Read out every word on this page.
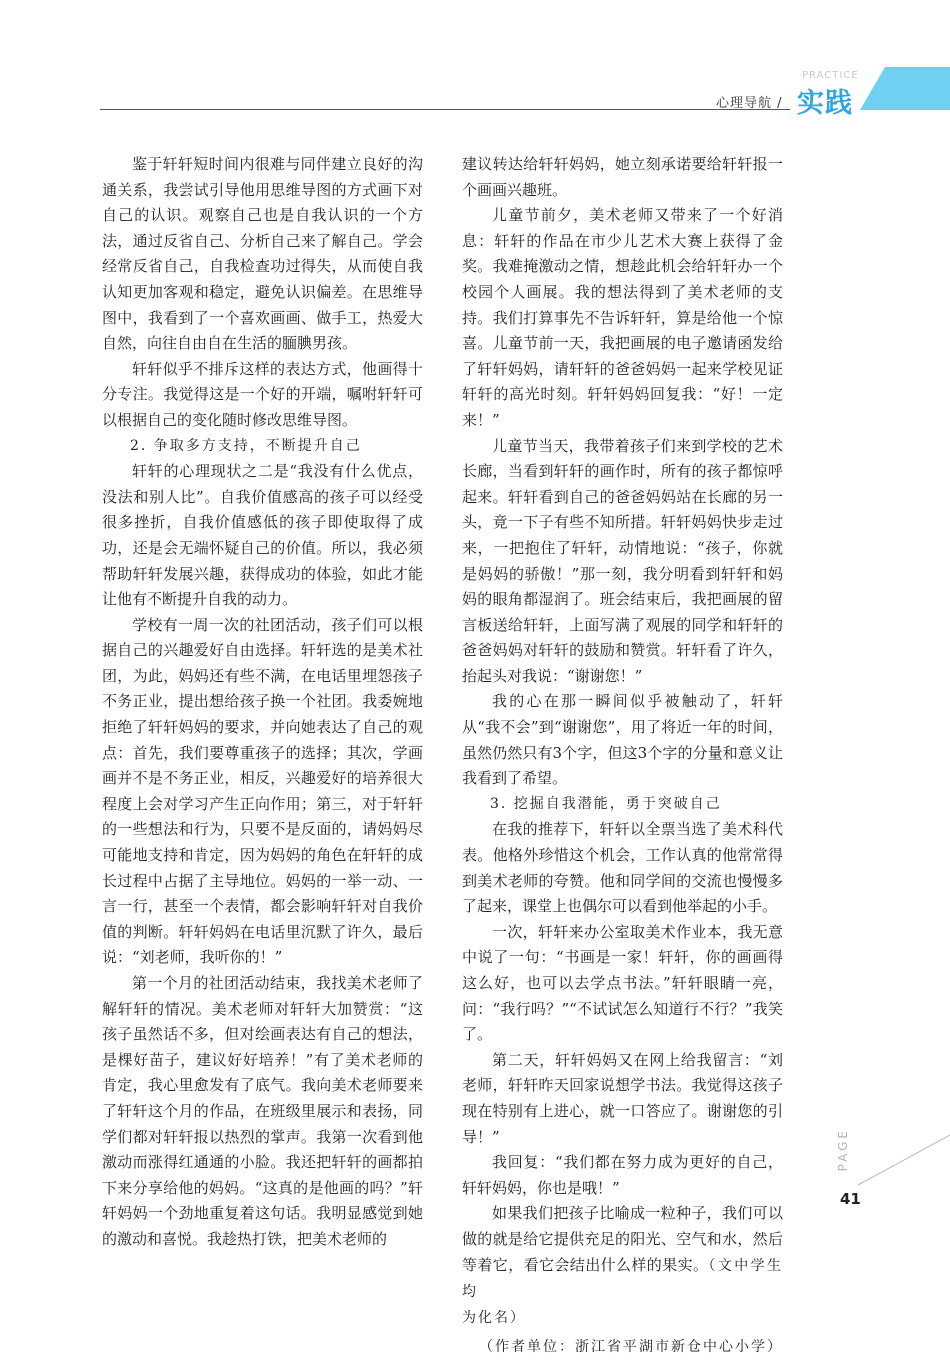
心理导航 /
PRACTICE
实践

鉴于轩轩短时间内很难与同伴建立良好的沟通关系，我尝试引导他用思维导图的方式画下对自己的认识。观察自己也是自我认识的一个方法，通过反省自己、分析自己来了解自己。学会经常反省自己，自我检查功过得失，从而使自我认知更加客观和稳定，避免认识偏差。在思维导图中，我看到了一个喜欢画画、做手工，热爱大自然，向往自由自在生活的腼腆男孩。

轩轩似乎不排斥这样的表达方式，他画得十分专注。我觉得这是一个好的开端，嘱咐轩轩可以根据自己的变化随时修改思维导图。

2. 争取多方支持，不断提升自己

轩轩的心理现状之二是“我没有什么优点，没法和别人比”。自我价值感高的孩子可以经受很多挫折，自我价值感低的孩子即使取得了成功，还是会无端怀疑自己的价值。所以，我必须帮助轩轩发展兴趣，获得成功的体验，如此才能让他有不断提升自我的动力。

学校有一周一次的社团活动，孩子们可以根据自己的兴趣爱好自由选择。轩轩选的是美术社团，为此，妈妈还有些不满，在电话里埋怨孩子不务正业，提出想给孩子换一个社团。我委婉地拒绝了轩轩妈妈的要求，并向她表达了自己的观点：首先，我们要尊重孩子的选择；其次，学画画并不是不务正业，相反，兴趣爱好的培养很大程度上会对学习产生正向作用；第三，对于轩轩的一些想法和行为，只要不是反面的，请妈妈尽可能地支持和肯定，因为妈妈的角色在轩轩的成长过程中占据了主导地位。妈妈的一举一动、一言一行，甚至一个表情，都会影响轩轩对自我价值的判断。轩轩妈妈在电话里沉默了许久，最后说：“刘老师，我听你的！”

第一个月的社团活动结束，我找美术老师了解轩轩的情况。美术老师对轩轩大加赞赏：“这孩子虽然话不多，但对绘画表达有自己的想法，是棵好苗子，建议好好培养！”有了美术老师的肯定，我心里愈发有了底气。我向美术老师要来了轩轩这个月的作品，在班级里展示和表扬，同学们都对轩轩报以热烈的掌声。我第一次看到他激动而涨得红通通的小脸。我还把轩轩的画都拍下来分享给他的妈妈。“这真的是他画的吗？”轩轩妈妈一个劲地重复着这句话。我明显感觉到她的激动和喜悦。我趁热打铁，把美术老师的

建议转达给轩轩妈妈，她立刻承诺要给轩轩报一个画画兴趣班。

儿童节前夕，美术老师又带来了一个好消息：轩轩的作品在市少儿艺术大赛上获得了金奖。我难掩激动之情，想趁此机会给轩轩办一个校园个人画展。我的想法得到了美术老师的支持。我们打算事先不告诉轩轩，算是给他一个惊喜。儿童节前一天，我把画展的电子邀请函发给了轩轩妈妈，请轩轩的爸爸妈妈一起来学校见证轩轩的高光时刻。轩轩妈妈回复我：“好！一定来！”

儿童节当天，我带着孩子们来到学校的艺术长廊，当看到轩轩的画作时，所有的孩子都惊呼起来。轩轩看到自己的爸爸妈妈站在长廊的另一头，竟一下子有些不知所措。轩轩妈妈快步走过来，一把抱住了轩轩，动情地说：“孩子，你就是妈妈的骄傲！”那一刻，我分明看到轩轩和妈妈的眼角都湿润了。班会结束后，我把画展的留言板送给轩轩，上面写满了观展的同学和轩轩的爸爸妈妈对轩轩的鼓励和赞赏。轩轩看了许久，抬起头对我说：“谢谢您！”

我的心在那一瞬间似乎被触动了，轩轩从“我不会”到“谢谢您”，用了将近一年的时间，虽然仍然只有3个字，但这3个字的分量和意义让我看到了希望。

3. 挖掘自我潜能，勇于突破自己

在我的推荐下，轩轩以全票当选了美术科代表。他格外珍惜这个机会，工作认真的他常常得到美术老师的夸赞。他和同学间的交流也慢慢多了起来，课堂上也偶尔可以看到他举起的小手。

一次，轩轩来办公室取美术作业本，我无意中说了一句：“书画是一家！轩轩，你的画画得这么好，也可以去学点书法。”轩轩眼睛一亮，问：“我行吗？”“不试试怎么知道行不行？”我笑了。

第二天，轩轩妈妈又在网上给我留言：“刘老师，轩轩昨天回家说想学书法。我觉得这孩子现在特别有上进心，就一口答应了。谢谢您的引导！”

我回复：“我们都在努力成为更好的自己，轩轩妈妈，你也是哦！”

如果我们把孩子比喻成一粒种子，我们可以做的就是给它提供充足的阳光、空气和水，然后等着它，看它会结出什么样的果实。（文中学生均

为化名）

（作者单位：浙江省平湖市新仓中心小学）

PAGE
41
